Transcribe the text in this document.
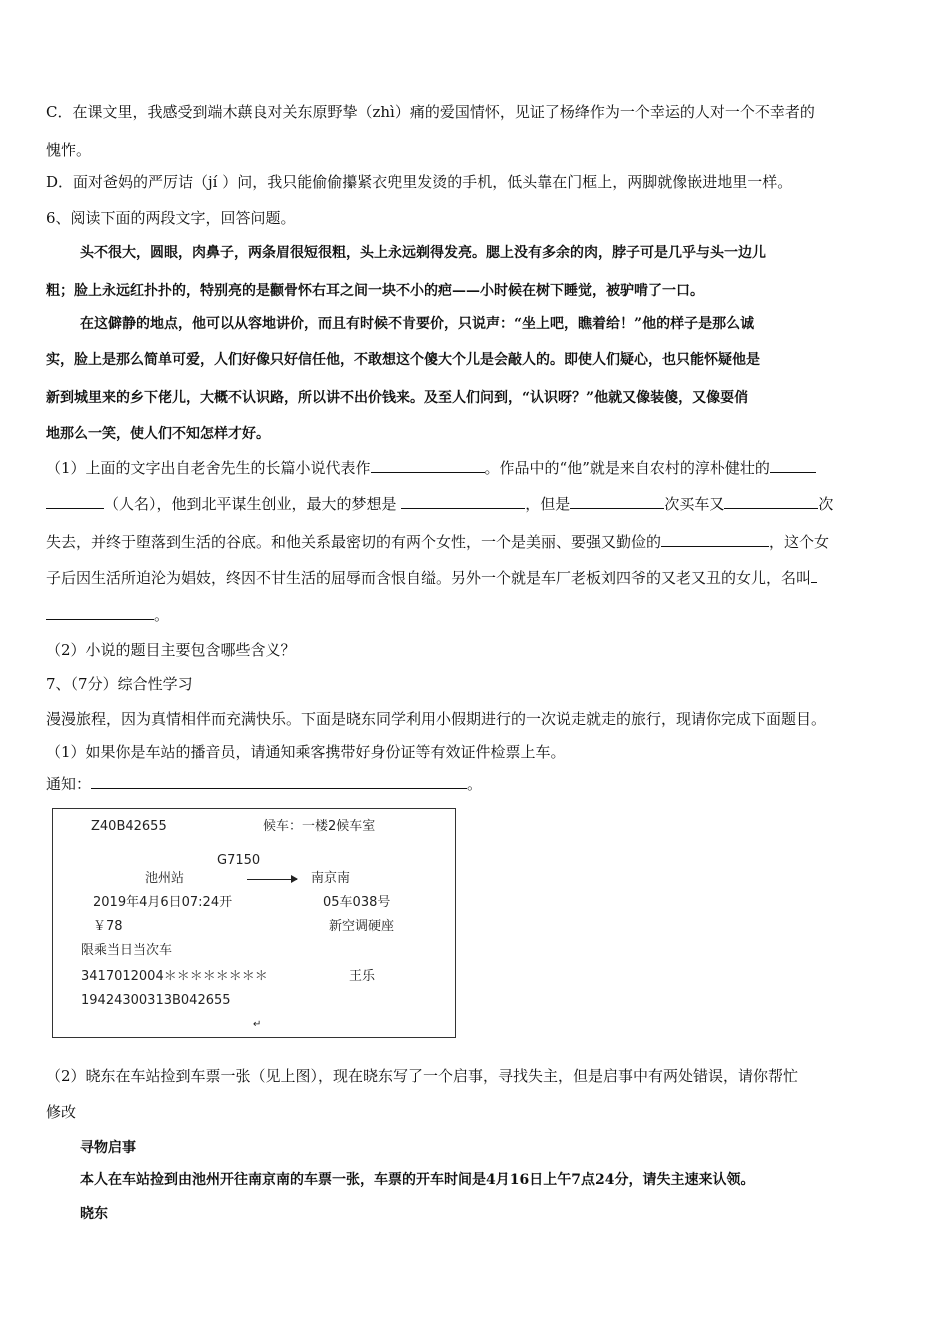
C．在课文里，我感受到端木蕻良对关东原野挚（zhì）痛的爱国情怀，见证了杨绛作为一个幸运的人对一个不幸者的
愧怍。
D．面对爸妈的严厉诘（jí ）问，我只能偷偷攥紧衣兜里发烫的手机，低头靠在门框上，两脚就像嵌进地里一样。
6、阅读下面的两段文字，回答问题。
头不很大，圆眼，肉鼻子，两条眉很短很粗，头上永远剃得发亮。腮上没有多余的肉，脖子可是几乎与头一边儿
粗；脸上永远红扑扑的，特别亮的是颧骨怀右耳之间一块不小的疤——小时候在树下睡觉，被驴啃了一口。
在这僻静的地点，他可以从容地讲价，而且有时候不肯要价，只说声：“坐上吧，瞧着给！”他的样子是那么诚
实，脸上是那么简单可爱，人们好像只好信任他，不敢想这个傻大个儿是会敲人的。即使人们疑心，也只能怀疑他是
新到城里来的乡下佬儿，大概不认识路，所以讲不出价钱来。及至人们问到，“认识呀？”他就又像装傻，又像耍俏
地那么一笑，使人们不知怎样才好。
（1）上面的文字出自老舍先生的长篇小说代表作	。作品中的“他”就是来自农村的淳朴健壮的
（人名），他到北平谋生创业，最大的梦想是	，但是	次买车又	次
失去，并终于堕落到生活的谷底。和他关系最密切的有两个女性，一个是美丽、要强又勤俭的	，这个女
子后因生活所迫沦为娼妓，终因不甘生活的屈辱而含恨自缢。另外一个就是车厂老板刘四爷的又老又丑的女儿，名叫
。
（2）小说的题目主要包含哪些含义？
7、（7分）综合性学习
漫漫旅程，因为真情相伴而充满快乐。下面是晓东同学利用小假期进行的一次说走就走的旅行，现请你完成下面题目。
（1）如果你是车站的播音员，请通知乘客携带好身份证等有效证件检票上车。
通知：	。
Z40B42655	候车：一楼2候车室
G7150
池州站	南京南
2019年4月6日07:24开	05车038号
￥78	新空调硬座
限乘当日当次车
3417012004＊＊＊＊＊＊＊＊	王乐
19424300313B042655
↵
（2）晓东在车站捡到车票一张（见上图），现在晓东写了一个启事，寻找失主，但是启事中有两处错误，请你帮忙
修改
寻物启事
本人在车站捡到由池州开往南京南的车票一张，车票的开车时间是4月16日上午7点24分，请失主速来认领。
晓东
